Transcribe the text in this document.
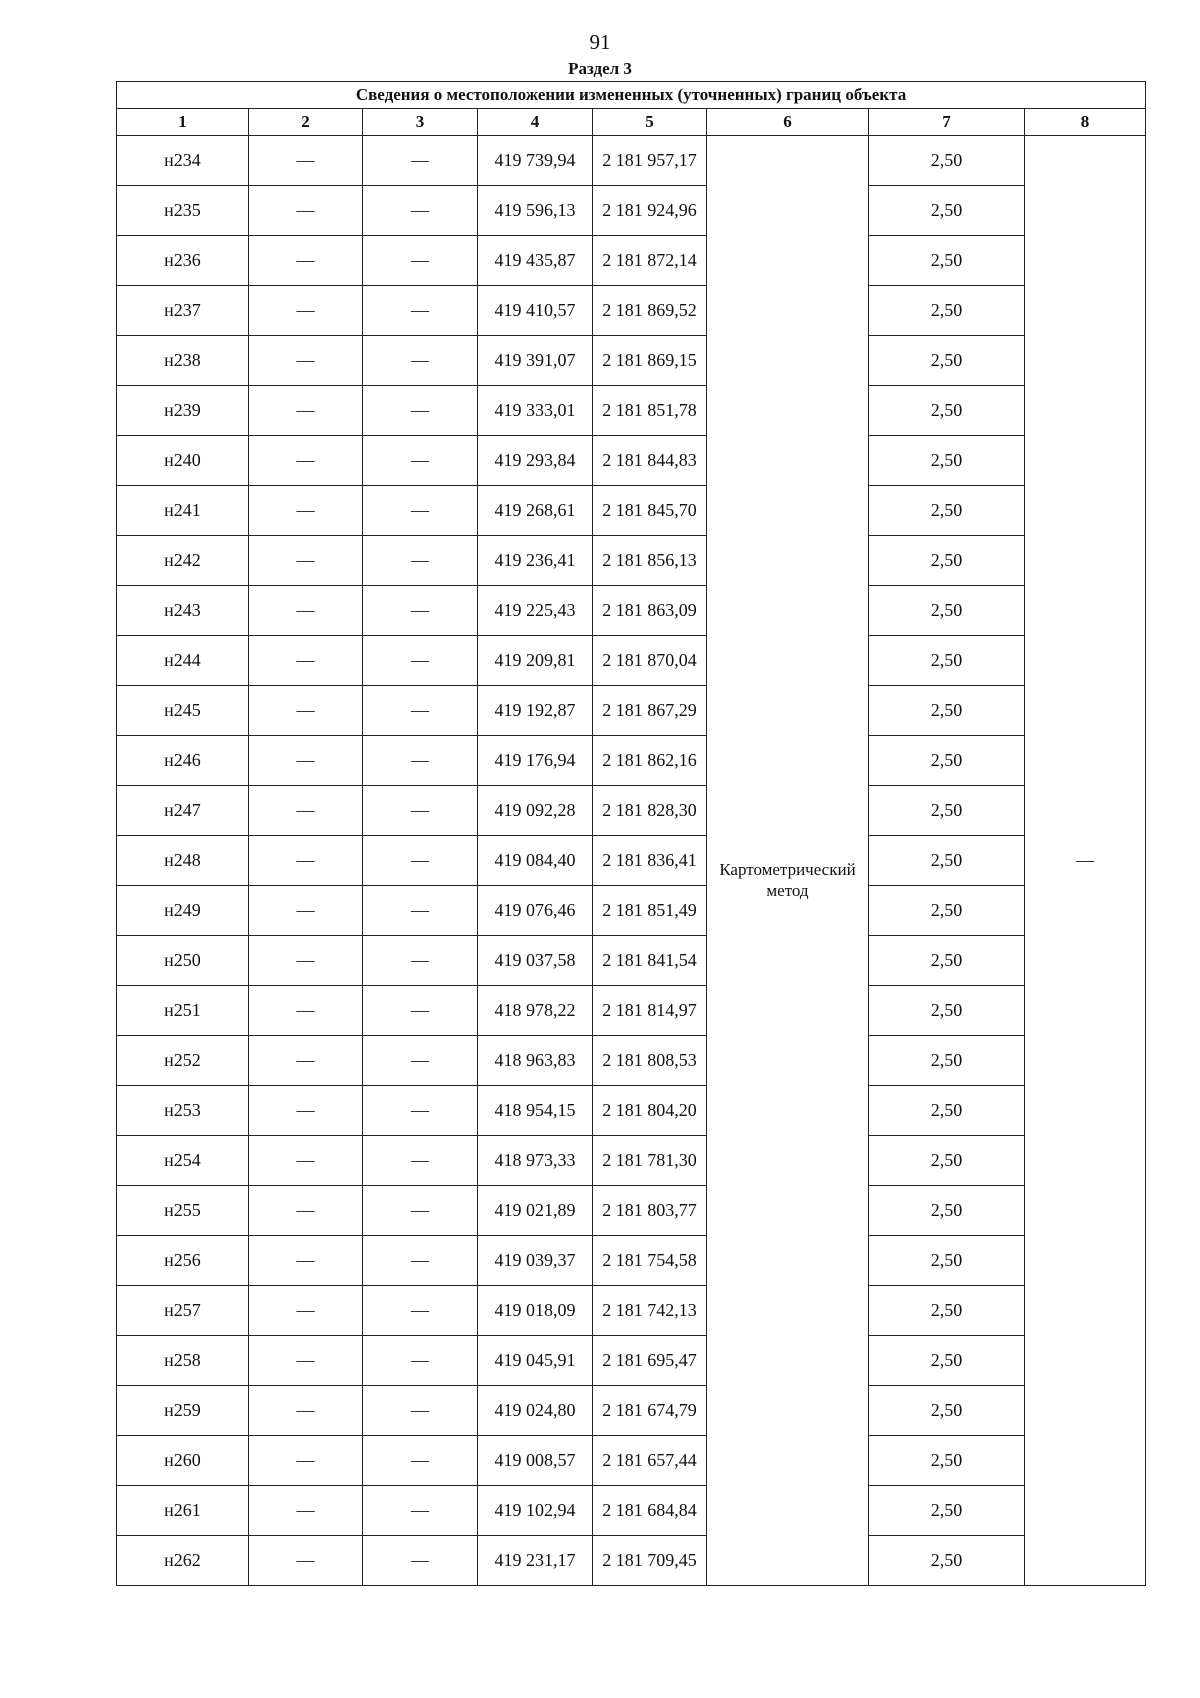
91
Раздел 3
Сведения о местоположении измененных (уточненных) границ объекта							
1	2	3	4	5	6	7	8
н234	—	—	419 739,94	2 181 957,17	Картометрический метод	2,50	—
н235	—	—	419 596,13	2 181 924,96		2,50	
н236	—	—	419 435,87	2 181 872,14		2,50	
н237	—	—	419 410,57	2 181 869,52		2,50	
н238	—	—	419 391,07	2 181 869,15		2,50	
н239	—	—	419 333,01	2 181 851,78		2,50	
н240	—	—	419 293,84	2 181 844,83		2,50	
н241	—	—	419 268,61	2 181 845,70		2,50	
н242	—	—	419 236,41	2 181 856,13		2,50	
н243	—	—	419 225,43	2 181 863,09		2,50	
н244	—	—	419 209,81	2 181 870,04		2,50	
н245	—	—	419 192,87	2 181 867,29		2,50	
н246	—	—	419 176,94	2 181 862,16		2,50	
н247	—	—	419 092,28	2 181 828,30		2,50	
н248	—	—	419 084,40	2 181 836,41		2,50	
н249	—	—	419 076,46	2 181 851,49		2,50	
н250	—	—	419 037,58	2 181 841,54		2,50	
н251	—	—	418 978,22	2 181 814,97		2,50	
н252	—	—	418 963,83	2 181 808,53		2,50	
н253	—	—	418 954,15	2 181 804,20		2,50	
н254	—	—	418 973,33	2 181 781,30		2,50	
н255	—	—	419 021,89	2 181 803,77		2,50	
н256	—	—	419 039,37	2 181 754,58		2,50	
н257	—	—	419 018,09	2 181 742,13		2,50	
н258	—	—	419 045,91	2 181 695,47		2,50	
н259	—	—	419 024,80	2 181 674,79		2,50	
н260	—	—	419 008,57	2 181 657,44		2,50	
н261	—	—	419 102,94	2 181 684,84		2,50	
н262	—	—	419 231,17	2 181 709,45		2,50	
